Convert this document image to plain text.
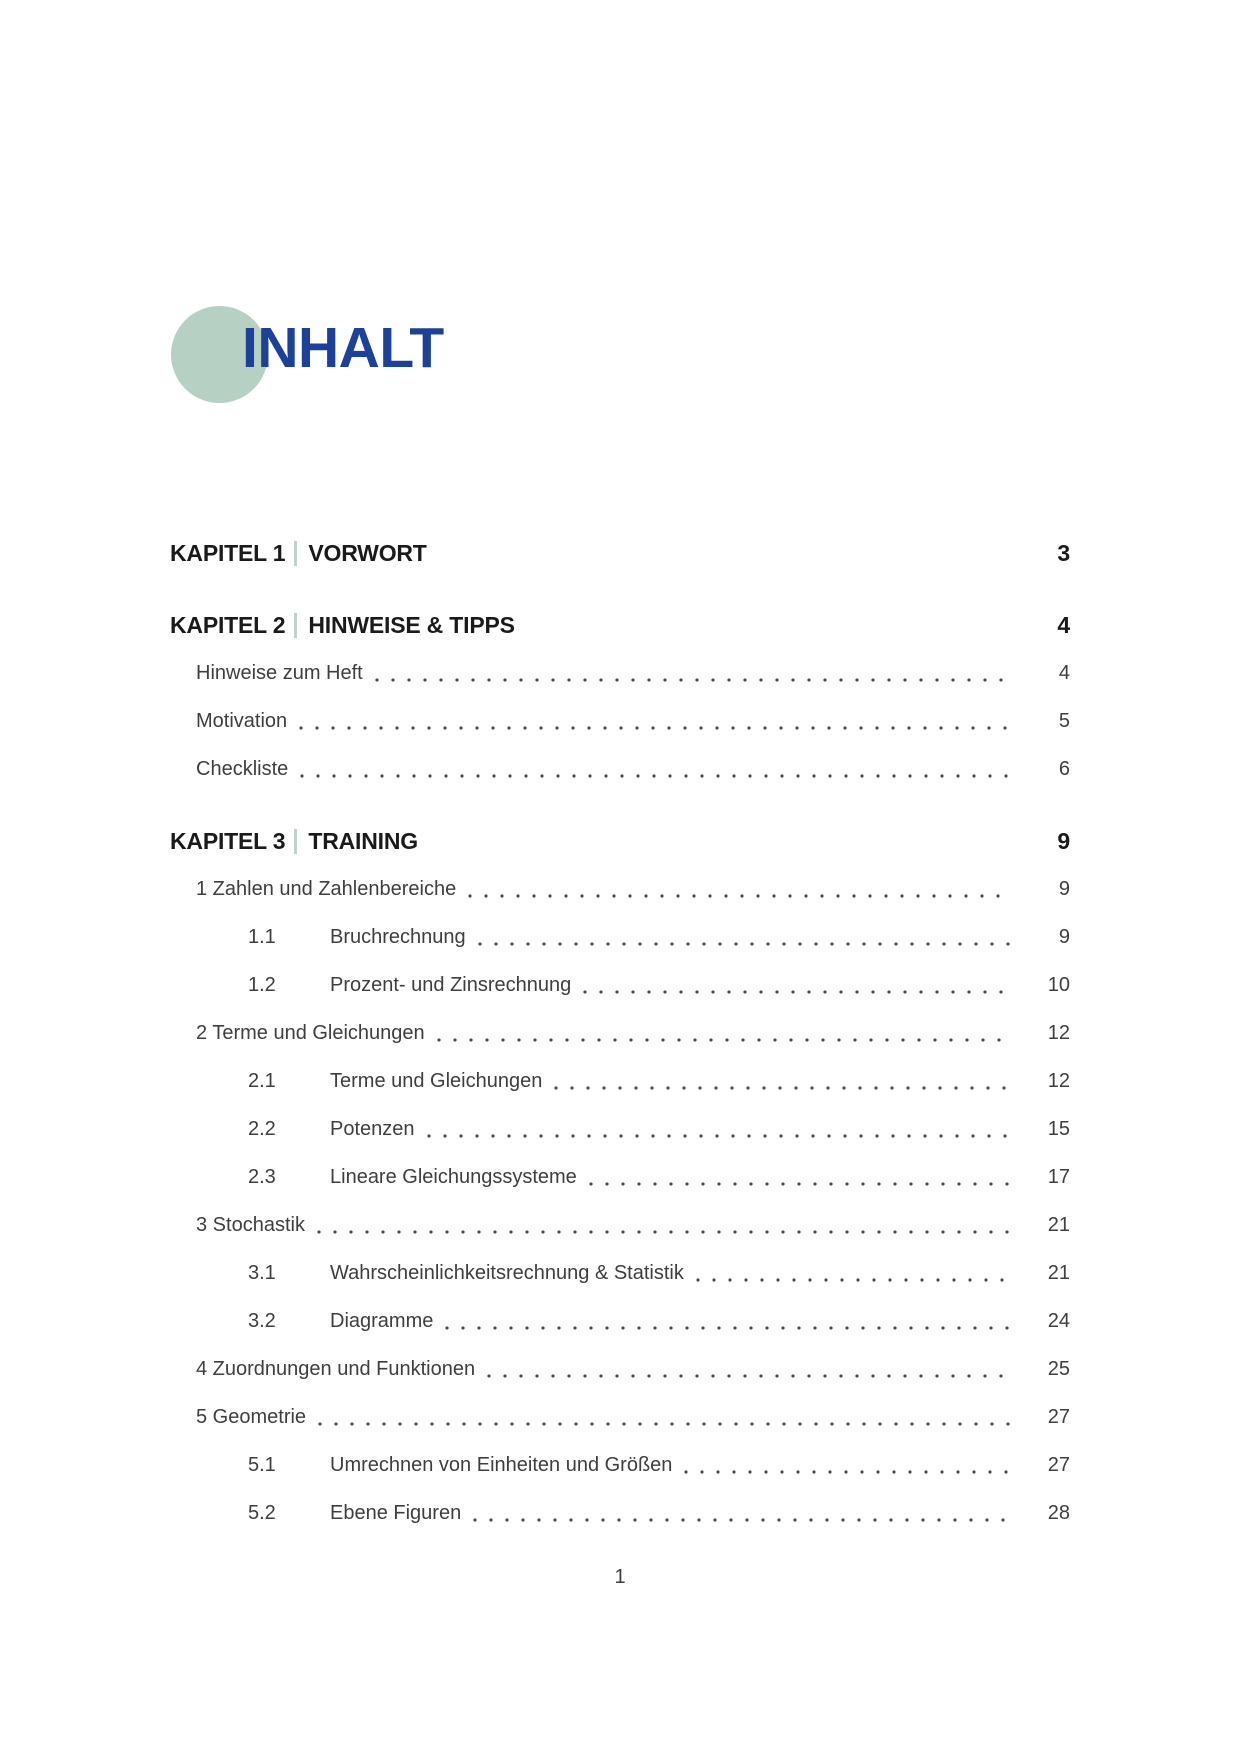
INHALT
KAPITEL 1 VORWORT	3
KAPITEL 2 HINWEISE & TIPPS	4
Hinweise zum Heft	4
Motivation	5
Checkliste	6
KAPITEL 3 TRAINING	9
1 Zahlen und Zahlenbereiche	9
1.1	Bruchrechnung	9
1.2	Prozent- und Zinsrechnung	10
2 Terme und Gleichungen	12
2.1	Terme und Gleichungen	12
2.2	Potenzen	15
2.3	Lineare Gleichungssysteme	17
3 Stochastik	21
3.1	Wahrscheinlichkeitsrechnung & Statistik	21
3.2	Diagramme	24
4 Zuordnungen und Funktionen	25
5 Geometrie	27
5.1	Umrechnen von Einheiten und Größen	27
5.2	Ebene Figuren	28
1
